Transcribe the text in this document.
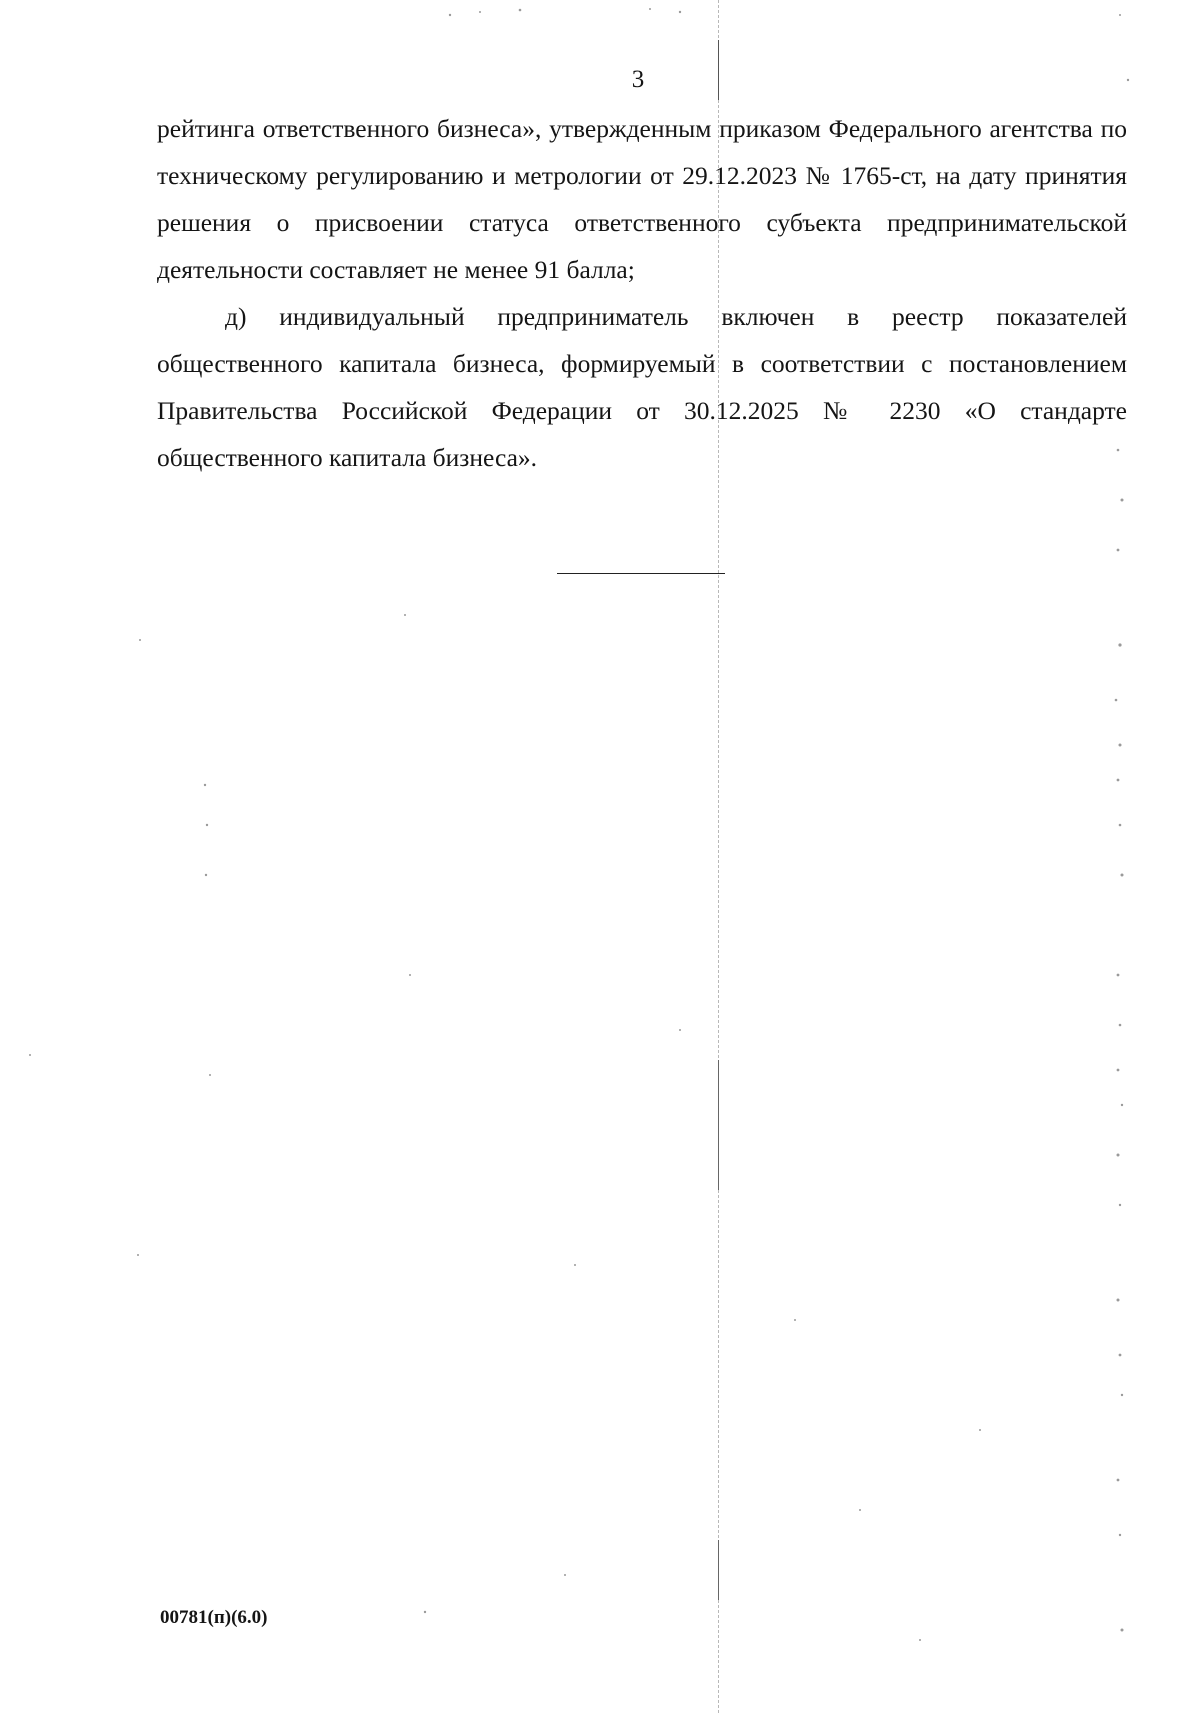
3

рейтинга ответственного бизнеса», утвержденным приказом Федерального агентства по техническому регулированию и метрологии от 29.12.2023 № 1765-ст, на дату принятия решения о присвоении статуса ответственного субъекта предпринимательской деятельности составляет не менее 91 балла;

д) индивидуальный предприниматель включен в реестр показателей общественного капитала бизнеса, формируемый в соответствии с постановлением Правительства Российской Федерации от 30.12.2025 № 2230 «О стандарте общественного капитала бизнеса».

00781(п)(6.0)
